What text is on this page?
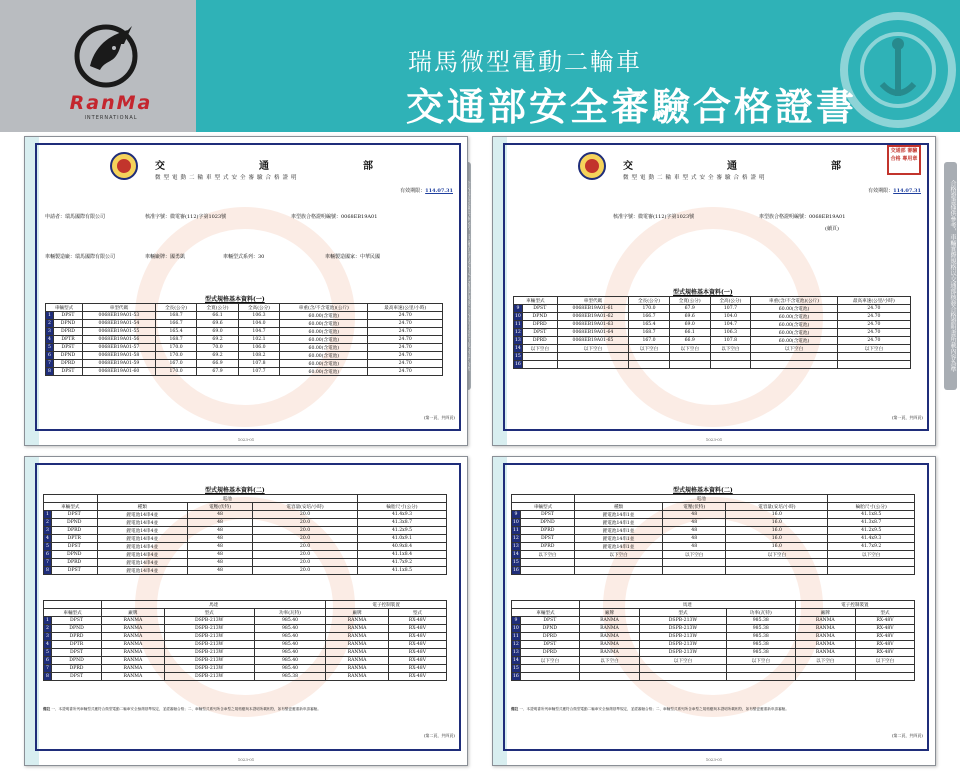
RanMa
INTERNATIONAL
瑞馬微型電動二輪車
交通部安全審驗合格證書
合格證書僅供參考，車輛實際規格以交通部核發合格證明書所載內容為準
交	通	部
微型電動二輪車型式安全審驗合格證明
有效期限：114.07.31
申請者：瑞馬國際有限公司	核准字號：微電審(112)字第1023號	車型族合格證明編號：0068EB19A01
車輛製造廠：瑞馬國際有限公司	車輛廠牌：國勇凱	車輛型式系列：30	車輛製造國家：中華民國
型式規格基本資料(一)
車輛型式		車型代碼	全長(公分)	全寬(公分)	全高(公分)	車重(含/不含電池)(公斤)	最高車速(公里/小時)
1	DPST	0068EB19A01-53	168.7	66.1	106.3	60.00(含電池)	24.70
2	DPND	0068EB19A01-54	166.7	69.6	104.0	60.00(含電池)	24.70
3	DPRD	0068EB19A01-55	165.4	69.0	104.7	60.00(含電池)	24.70
4	DPTR	0068EB19A01-56	168.7	69.2	102.1	60.00(含電池)	24.70
5	DPST	0068EB19A01-57	170.0	70.0	106.0	60.00(含電池)	24.70
6	DPND	0068EB19A01-58	170.0	69.2	108.2	60.00(含電池)	24.70
7	DPRD	0068EB19A01-59	167.0	66.9	107.8	60.00(含電池)	24.70
8	DPST	0068EB19A01-60	170.0	67.9	107.7	60.00(含電池)	24.70
(第一頁，共四頁)
1023-01
交	通	部
交通部 審驗合格 專用章
微型電動二輪車型式安全審驗合格證明
有效期限：114.07.31
核准字號：微電審(112)字第1023號	車型族合格證明編號：0068EB19A01
(續頁)
型式規格基本資料(一)
車輛型式		車型代碼	全長(公分)	全寬(公分)	全高(公分)	車重(含/不含電池)(公斤)	最高車速(公里/小時)
9	DPST	0068EB19A01-61	170.0	67.9	107.7	60.00(含電池)	24.70
10	DPND	0068EB19A01-62	166.7	69.6	104.0	60.00(含電池)	24.70
11	DPRD	0068EB19A01-63	165.4	69.0	104.7	60.00(含電池)	24.70
12	DPST	0068EB19A01-64	168.7	66.1	106.3	60.00(含電池)	24.70
13	DPRD	0068EB19A01-65	167.0	66.9	107.8	60.00(含電池)	24.70
14	以下空白	以下空白	以下空白	以下空白	以下空白	以下空白	以下空白
15							
16							
(第一頁，共四頁)
1023-01
型式規格基本資料(二)
		電池			
車輛型式		種類	電壓(伏特)	電容量(安培/小時)	輪胎尺寸(公分)
1	DPST	鋰電池14串4並	48	20.0	41.4x9.3
2	DPND	鋰電池14串4並	48	20.0	41.3x8.7
3	DPRD	鋰電池14串4並	48	20.0	41.2x9.5
4	DPTR	鋰電池14串4並	48	20.0	41.0x9.1
5	DPST	鋰電池14串4並	48	20.0	40.9x8.4
6	DPND	鋰電池14串4並	48	20.0	41.1x8.4
7	DPRD	鋰電池14串4並	48	20.0	41.7x9.2
8	DPST	鋰電池14串4並	48	20.0	41.1x8.5
		馬達			電子控制裝置	
車輛型式		廠牌	型式	功率(瓦特)	廠牌	型式
1	DPST	RANMA	DSPB-213W	985.40	RANMA	RX-48V
2	DPND	RANMA	DSPB-213W	985.40	RANMA	RX-48V
3	DPRD	RANMA	DSPB-213W	985.40	RANMA	RX-48V
4	DPTR	RANMA	DSPB-213W	985.40	RANMA	RX-48V
5	DPST	RANMA	DSPB-213W	985.40	RANMA	RX-48V
6	DPND	RANMA	DSPB-213W	985.40	RANMA	RX-48V
7	DPRD	RANMA	DSPB-213W	985.40	RANMA	RX-48V
8	DPST	RANMA	DSPB-213W	985.38	RANMA	RX-48V
備註 一、本證明書所列車輛型式應符合微型電動二輪車安全檢測基準規定，並經審驗合格；二、車輛型式系列所含車型之規格應與本證明所載相符，如有變更應重新申請審驗。
(第二頁，共四頁)
1023-01
型式規格基本資料(二)
		電池			
車輛型式		種類	電壓(伏特)	電容量(安培/小時)	輪胎尺寸(公分)
9	DPST	鋰電池14串1並	48	16.0	41.1x8.5
10	DPND	鋰電池14串1並	48	16.0	41.3x8.7
11	DPRD	鋰電池14串1並	48	16.0	41.2x9.5
12	DPST	鋰電池14串1並	48	16.0	41.4x9.3
13	DPRD	鋰電池14串1並	48	16.0	41.7x9.2
14	以下空白	以下空白	以下空白	以下空白	以下空白
15					
16					
		馬達			電子控制裝置	
車輛型式		廠牌	型式	功率(瓦特)	廠牌	型式
9	DPST	RANMA	DSPB-213W	985.38	RANMA	RX-48V
10	DPND	RANMA	DSPB-213W	985.38	RANMA	RX-48V
11	DPRD	RANMA	DSPB-213W	985.38	RANMA	RX-48V
12	DPST	RANMA	DSPB-213W	985.38	RANMA	RX-48V
13	DPRD	RANMA	DSPB-213W	985.38	RANMA	RX-48V
14	以下空白	以下空白	以下空白	以下空白	以下空白	以下空白
15						
16						
備註 一、本證明書所列車輛型式應符合微型電動二輪車安全檢測基準規定，並經審驗合格；二、車輛型式系列所含車型之規格應與本證明所載相符，如有變更應重新申請審驗。
(第二頁，共四頁)
1023-01
